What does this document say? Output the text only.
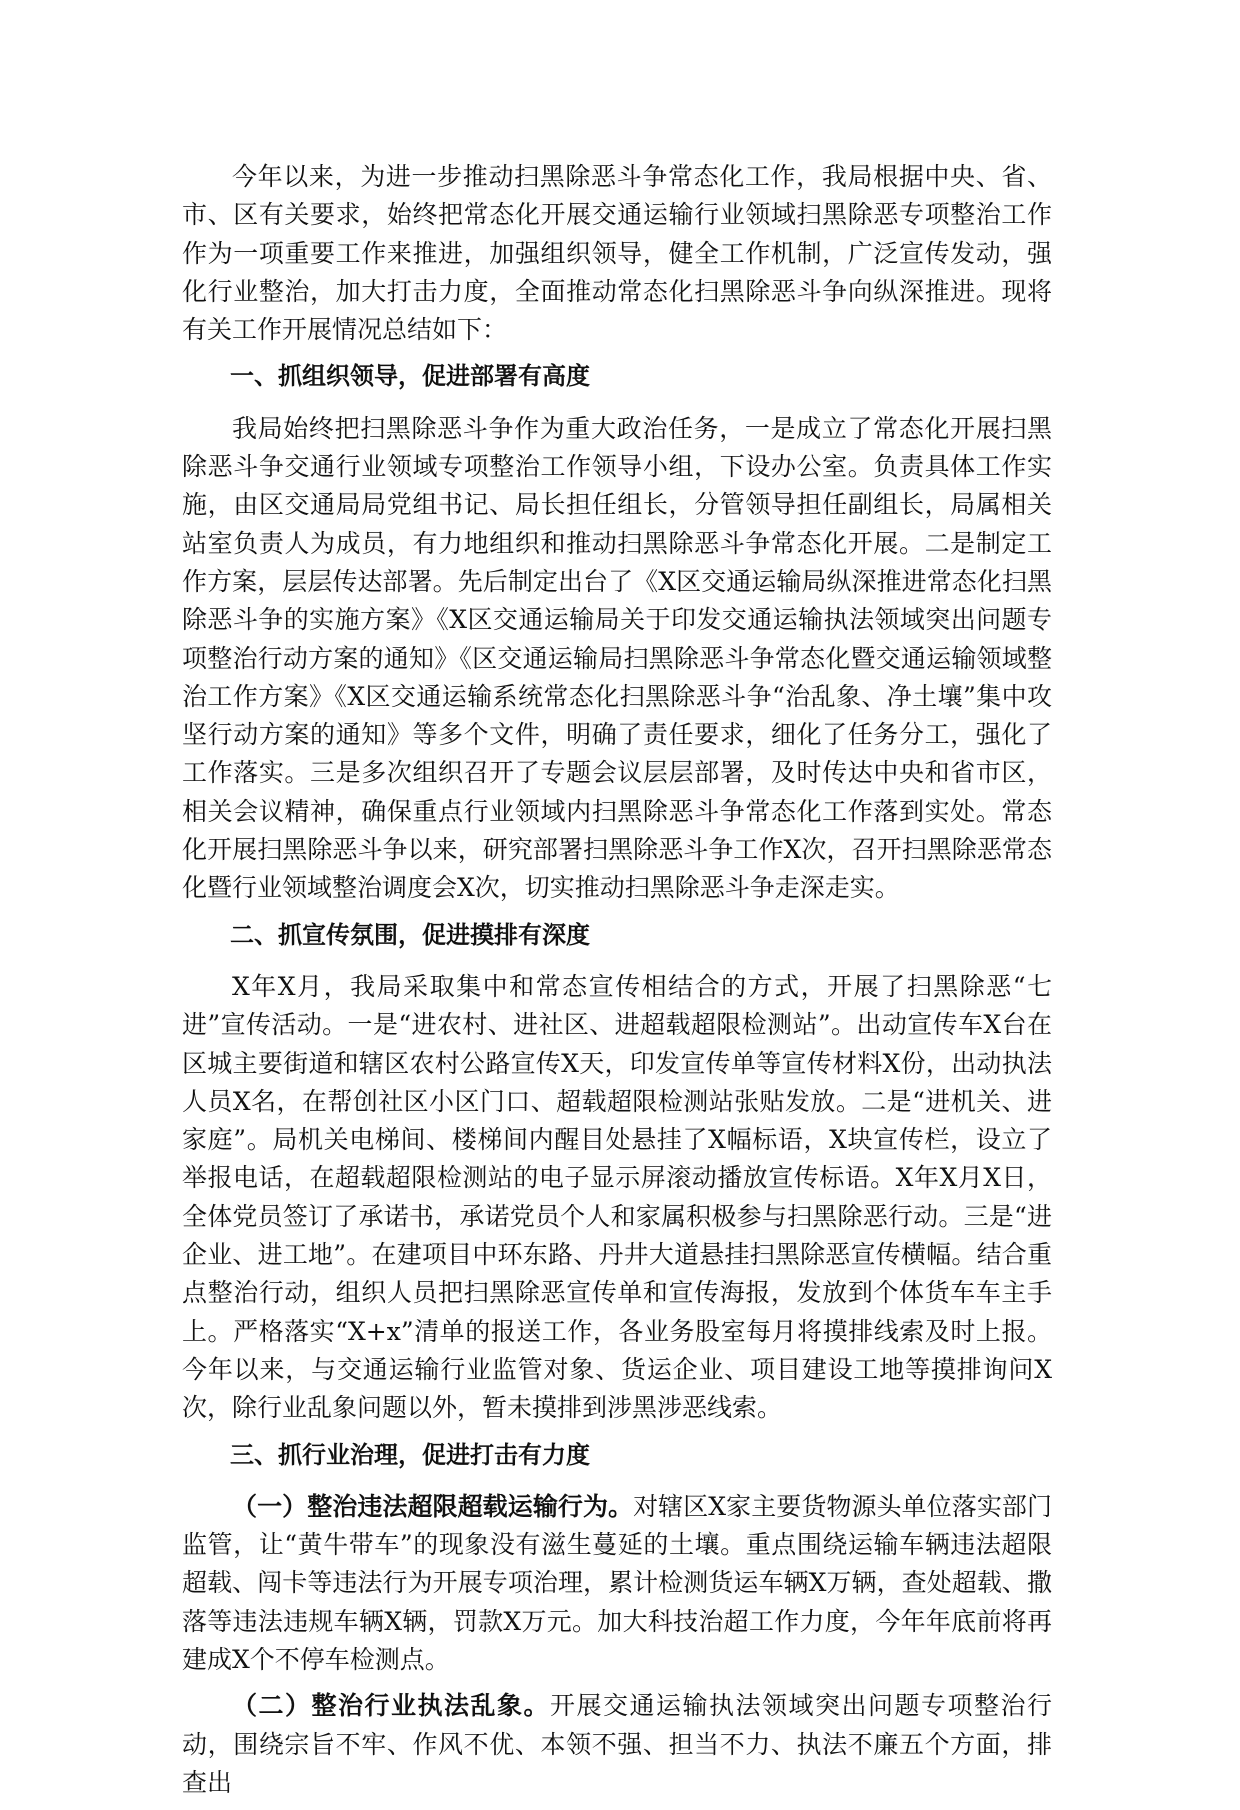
今年以来，为进一步推动扫黑除恶斗争常态化工作，我局根据中央、省、市、区有关要求，始终把常态化开展交通运输行业领域扫黑除恶专项整治工作作为一项重要工作来推进，加强组织领导，健全工作机制，广泛宣传发动，强化行业整治，加大打击力度，全面推动常态化扫黑除恶斗争向纵深推进。现将有关工作开展情况总结如下：

一、抓组织领导，促进部署有高度

我局始终把扫黑除恶斗争作为重大政治任务，一是成立了常态化开展扫黑除恶斗争交通行业领域专项整治工作领导小组，下设办公室。负责具体工作实施，由区交通局局党组书记、局长担任组长，分管领导担任副组长，局属相关站室负责人为成员，有力地组织和推动扫黑除恶斗争常态化开展。二是制定工作方案，层层传达部署。先后制定出台了《X区交通运输局纵深推进常态化扫黑除恶斗争的实施方案》《X区交通运输局关于印发交通运输执法领域突出问题专项整治行动方案的通知》《区交通运输局扫黑除恶斗争常态化暨交通运输领域整治工作方案》《X区交通运输系统常态化扫黑除恶斗争“治乱象、净土壤”集中攻坚行动方案的通知》等多个文件，明确了责任要求，细化了任务分工，强化了工作落实。三是多次组织召开了专题会议层层部署，及时传达中央和省市区，相关会议精神，确保重点行业领域内扫黑除恶斗争常态化工作落到实处。常态化开展扫黑除恶斗争以来，研究部署扫黑除恶斗争工作X次，召开扫黑除恶常态化暨行业领域整治调度会X次，切实推动扫黑除恶斗争走深走实。

二、抓宣传氛围，促进摸排有深度

X年X月，我局采取集中和常态宣传相结合的方式，开展了扫黑除恶“七进”宣传活动。一是“进农村、进社区、进超载超限检测站”。出动宣传车X台在区城主要街道和辖区农村公路宣传X天，印发宣传单等宣传材料X份，出动执法人员X名，在帮创社区小区门口、超载超限检测站张贴发放。二是“进机关、进家庭”。局机关电梯间、楼梯间内醒目处悬挂了X幅标语，X块宣传栏，设立了举报电话，在超载超限检测站的电子显示屏滚动播放宣传标语。X年X月X日，全体党员签订了承诺书，承诺党员个人和家属积极参与扫黑除恶行动。三是“进企业、进工地”。在建项目中环东路、丹井大道悬挂扫黑除恶宣传横幅。结合重点整治行动，组织人员把扫黑除恶宣传单和宣传海报，发放到个体货车车主手上。严格落实“X+x”清单的报送工作，各业务股室每月将摸排线索及时上报。今年以来，与交通运输行业监管对象、货运企业、项目建设工地等摸排询问X次，除行业乱象问题以外，暂未摸排到涉黑涉恶线索。

三、抓行业治理，促进打击有力度

（一）整治违法超限超载运输行为。对辖区X家主要货物源头单位落实部门监管，让“黄牛带车”的现象没有滋生蔓延的土壤。重点围绕运输车辆违法超限超载、闯卡等违法行为开展专项治理，累计检测货运车辆X万辆，查处超载、撒落等违法违规车辆X辆，罚款X万元。加大科技治超工作力度，今年年底前将再建成X个不停车检测点。

（二）整治行业执法乱象。开展交通运输执法领域突出问题专项整治行动，围绕宗旨不牢、作风不优、本领不强、担当不力、执法不廉五个方面，排查出
